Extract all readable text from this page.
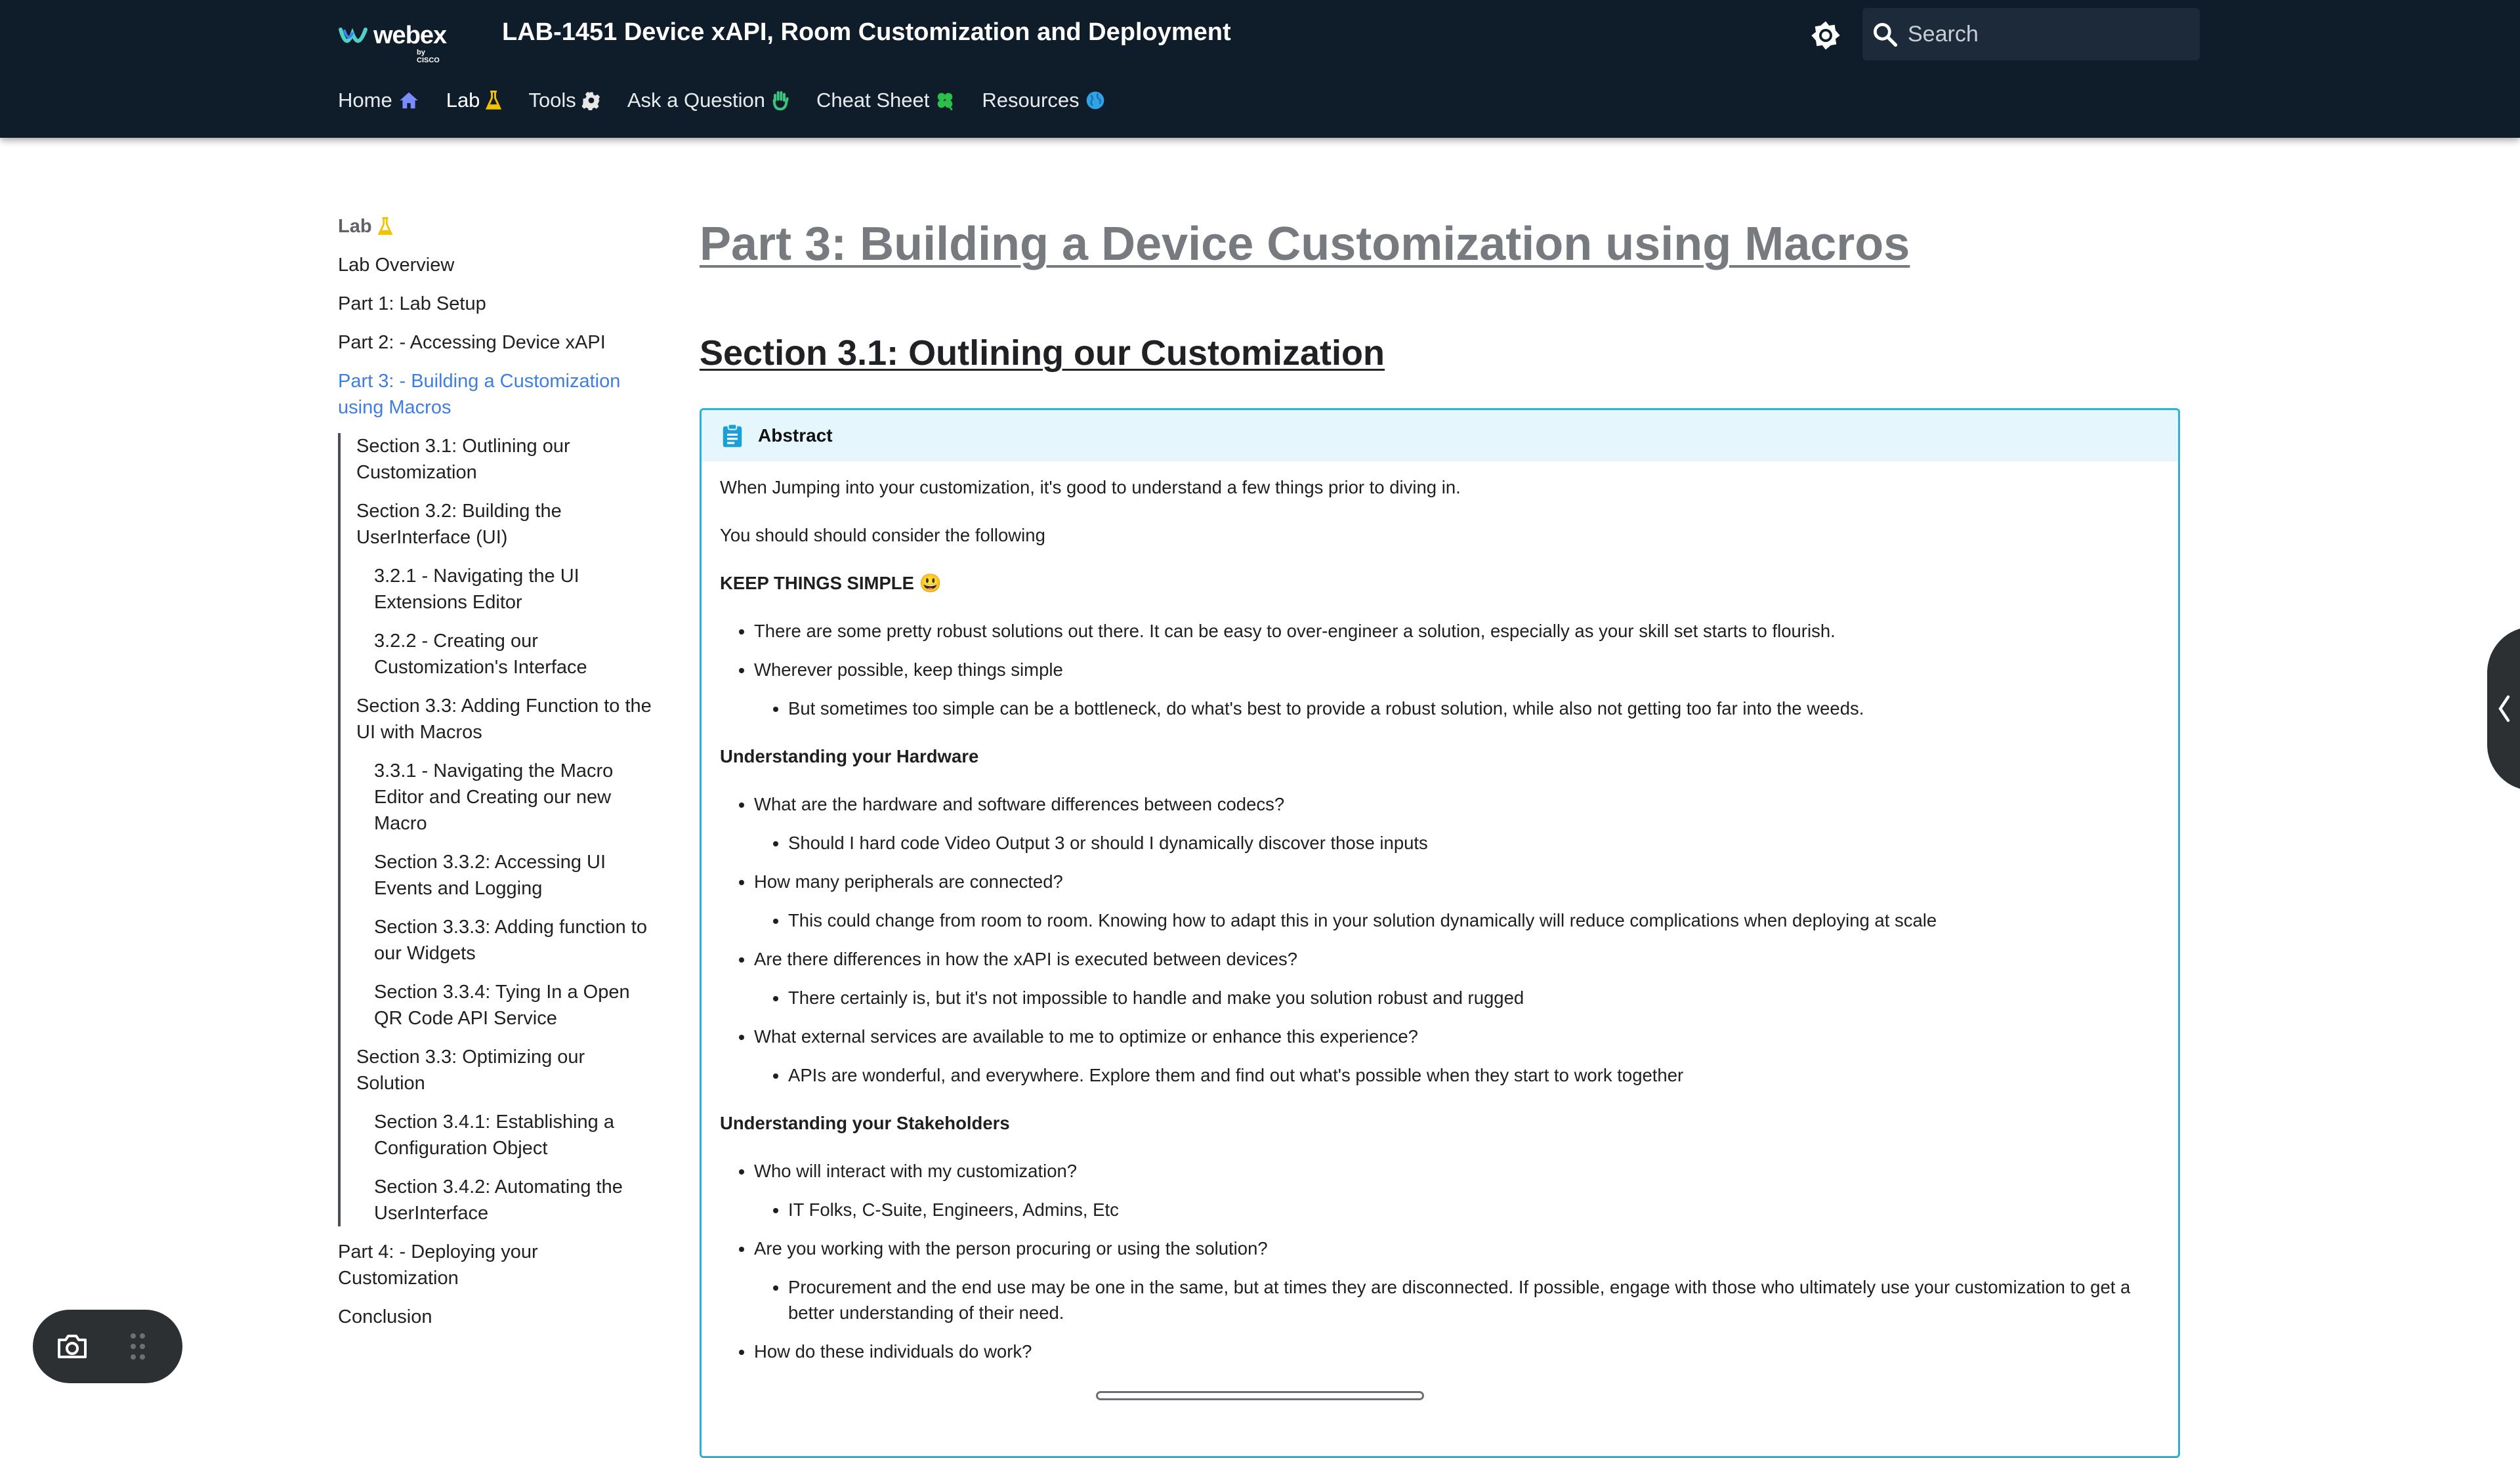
webex
by CISCO
LAB-1451 Device xAPI, Room Customization and Deployment
Search
Home	Lab Tools	Ask a Question	Cheat Sheet	Resources
Lab
Lab Overview
Part 1: Lab Setup
Part 2: - Accessing Device xAPI
Part 3: - Building a Customization using Macros
Section 3.1: Outlining our Customization
Section 3.2: Building the UserInterface (UI)
3.2.1 - Navigating the UI Extensions Editor
3.2.2 - Creating our Customization's Interface
Section 3.3: Adding Function to the UI with Macros
3.3.1 - Navigating the Macro Editor and Creating our new Macro
Section 3.3.2: Accessing UI Events and Logging
Section 3.3.3: Adding function to our Widgets
Section 3.3.4: Tying In a Open QR Code API Service
Section 3.3: Optimizing our Solution
Section 3.4.1: Establishing a Configuration Object
Section 3.4.2: Automating the UserInterface
Part 4: - Deploying your Customization
Conclusion
Part 3: Building a Device Customization using Macros
Section 3.1: Outlining our Customization
Abstract

When Jumping into your customization, it's good to understand a few things prior to diving in.

You should should consider the following

KEEP THINGS SIMPLE 😃

• There are some pretty robust solutions out there. It can be easy to over-engineer a solution, especially as your skill set starts to flourish.
• Wherever possible, keep things simple
• But sometimes too simple can be a bottleneck, do what's best to provide a robust solution, while also not getting too far into the weeds.

Understanding your Hardware

• What are the hardware and software differences between codecs?
• Should I hard code Video Output 3 or should I dynamically discover those inputs
• How many peripherals are connected?
• This could change from room to room. Knowing how to adapt this in your solution dynamically will reduce complications when deploying at scale
• Are there differences in how the xAPI is executed between devices?
• There certainly is, but it's not impossible to handle and make you solution robust and rugged
• What external services are available to me to optimize or enhance this experience?
• APIs are wonderful, and everywhere. Explore them and find out what's possible when they start to work together

Understanding your Stakeholders

• Who will interact with my customization?
• IT Folks, C-Suite, Engineers, Admins, Etc
• Are you working with the person procuring or using the solution?
• Procurement and the end use may be one in the same, but at times they are disconnected. If possible, engage with those who ultimately use your customization to get a better understanding of their need.
• How do these individuals do work?
